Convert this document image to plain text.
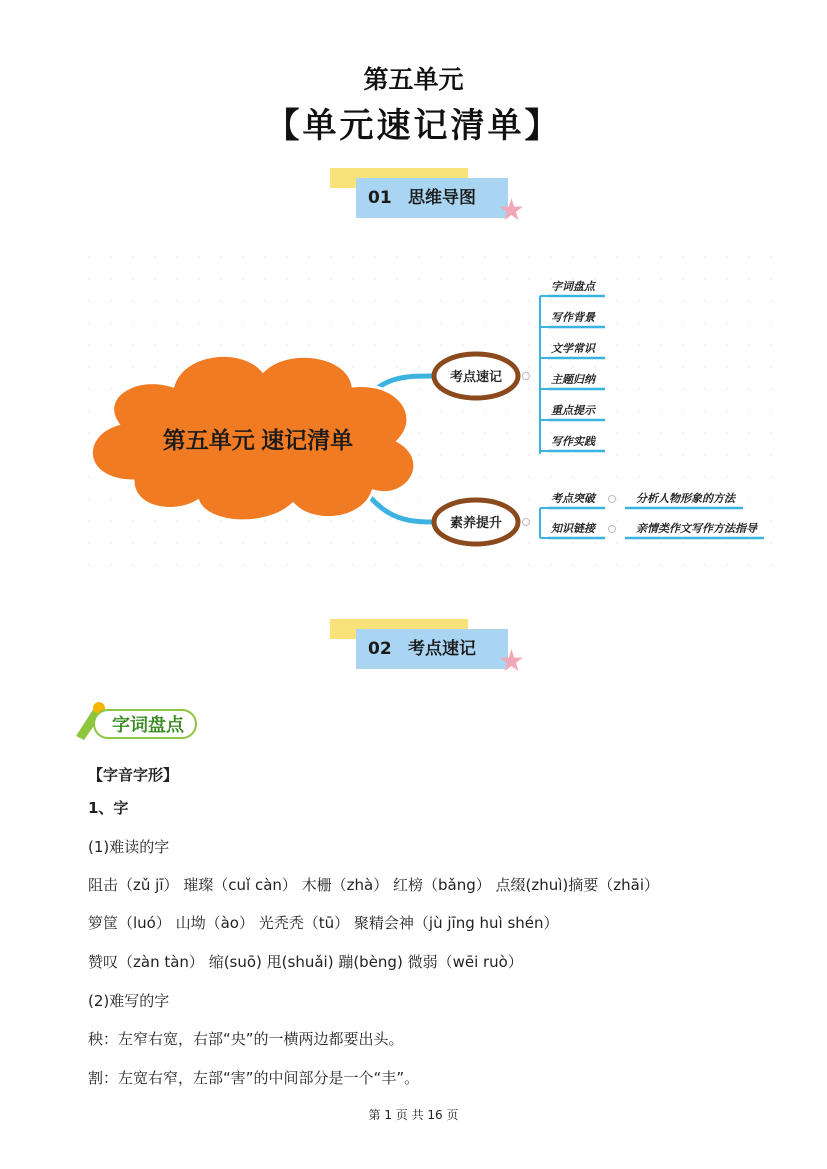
第五单元
【单元速记清单】
01 思维导图 ★
第五单元 速记清单
考点速记
字词盘点
写作背景
文学常识
主题归纳
重点提示
写作实践
素养提升
考点突破	分析人物形象的方法
知识链接	亲情类作文写作方法指导
02 考点速记 ★
字词盘点
【字音字形】
1、字
(1)难读的字
阻击（zǔ jī） 璀璨（cuǐ càn） 木栅（zhà） 红榜（bǎng） 点缀(zhuì)摘要（zhāi）
箩筐（luó） 山坳（ào） 光秃秃（tū） 聚精会神（jù jīng huì shén）
赞叹（zàn tàn） 缩(suō) 甩(shuǎi) 蹦(bèng) 微弱（wēi ruò）
(2)难写的字
秧：左窄右宽，右部“央”的一横两边都要出头。
割：左宽右窄，左部“害”的中间部分是一个“丰”。
第 1 页 共 16 页
